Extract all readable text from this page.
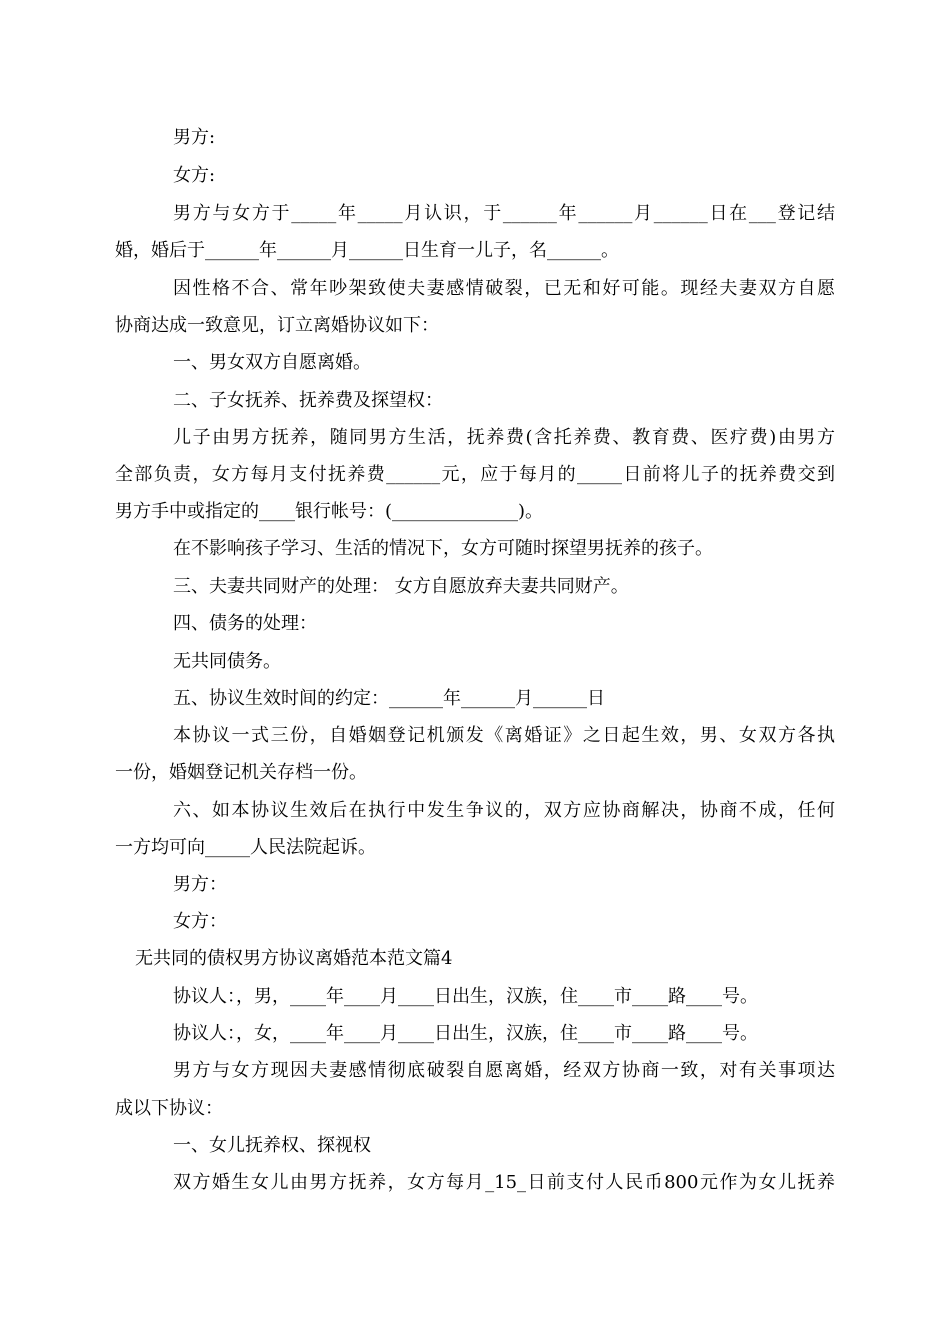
男方:
女方:
男方与女方于_____年_____月认识，于______年______月______日在___登记结
婚，婚后于______年______月______日生育一儿子，名______。
因性格不合、常年吵架致使夫妻感情破裂，已无和好可能。现经夫妻双方自愿
协商达成一致意见，订立离婚协议如下：
一、男女双方自愿离婚。
二、子女抚养、抚养费及探望权：
儿子由男方抚养，随同男方生活，抚养费(含托养费、教育费、医疗费)由男方
全部负责，女方每月支付抚养费______元，应于每月的_____日前将儿子的抚养费交到
男方手中或指定的____银行帐号：(______________)。
在不影响孩子学习、生活的情况下，女方可随时探望男抚养的孩子。
三、夫妻共同财产的处理： 女方自愿放弃夫妻共同财产。
四、债务的处理：
无共同债务。
五、协议生效时间的约定：______年______月______日
本协议一式三份，自婚姻登记机颁发《离婚证》之日起生效，男、女双方各执
一份，婚姻登记机关存档一份。
六、如本协议生效后在执行中发生争议的，双方应协商解决，协商不成，任何
一方均可向_____人民法院起诉。
男方：
女方：
无共同的债权男方协议离婚范本范文篇4
协议人：，男，____年____月____日出生，汉族，住____市____路____号。
协议人：，女，____年____月____日出生，汉族，住____市____路____号。
男方与女方现因夫妻感情彻底破裂自愿离婚，经双方协商一致，对有关事项达
成以下协议：
一、女儿抚养权、探视权
双方婚生女儿由男方抚养，女方每月_15_日前支付人民币800元作为女儿抚养
